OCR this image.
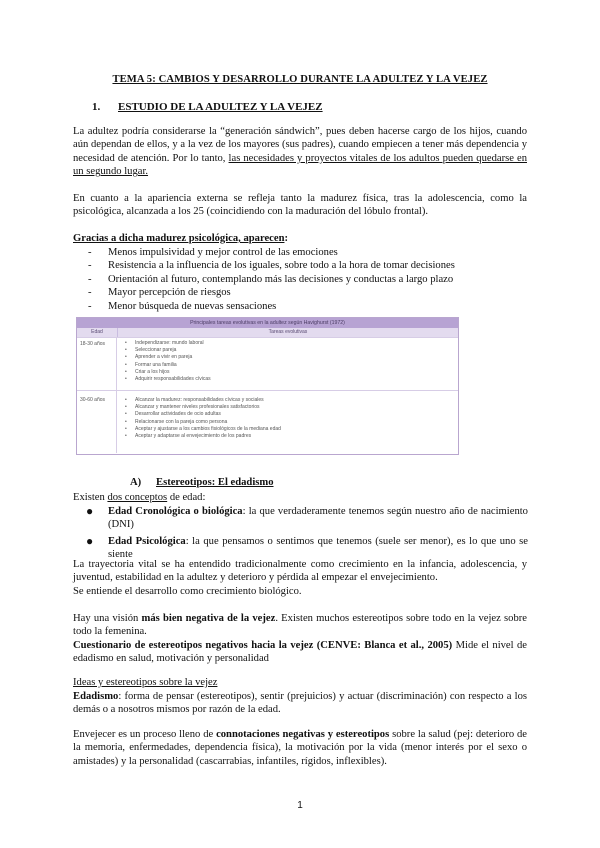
TEMA 5: CAMBIOS Y DESARROLLO DURANTE LA ADULTEZ Y LA VEJEZ
1. ESTUDIO DE LA ADULTEZ Y LA VEJEZ
La adultez podría considerarse la “generación sándwich”, pues deben hacerse cargo de los hijos, cuando aún dependan de ellos, y a la vez de los mayores (sus padres), cuando empiecen a tener más dependencia y necesidad de atención. Por lo tanto, las necesidades y proyectos vitales de los adultos pueden quedarse en un segundo lugar.
En cuanto a la apariencia externa se refleja tanto la madurez física, tras la adolescencia, como la psicológica, alcanzada a los 25 (coincidiendo con la maduración del lóbulo frontal).
Gracias a dicha madurez psicológica, aparecen:
-	Menos impulsividad y mejor control de las emociones
-	Resistencia a la influencia de los iguales, sobre todo a la hora de tomar decisiones
-	Orientación al futuro, contemplando más las decisiones y conductas a largo plazo
-	Mayor percepción de riesgos
-	Menor búsqueda de nuevas sensaciones
Principales tareas evolutivas en la adultez según Havighurst (1972)
Edad	Tareas evolutivas
18-30 años	• Independizarse: mundo laboral
• Seleccionar pareja
• Aprender a vivir en pareja
• Formar una familia
• Criar a los hijos
• Adquirir responsabilidades cívicas
30-60 años	• Alcanzar la madurez: responsabilidades cívicas y sociales
• Alcanzar y mantener niveles profesionales satisfactorios
• Desarrollar actividades de ocio adultas
• Relacionarse con la pareja como persona
• Aceptar y ajustarse a los cambios fisiológicos de la mediana edad
• Aceptar y adaptarse al envejecimiento de los padres
A) Estereotipos: El edadismo
Existen dos conceptos de edad:
●	Edad Cronológica o biológica: la que verdaderamente tenemos según nuestro año de nacimiento (DNI)
●	Edad Psicológica: la que pensamos o sentimos que tenemos (suele ser menor), es lo que uno se siente
La trayectoria vital se ha entendido tradicionalmente como crecimiento en la infancia, adolescencia, y juventud, estabilidad en la adultez y deterioro y pérdida al empezar el envejecimiento.
Se entiende el desarrollo como crecimiento biológico.
Hay una visión más bien negativa de la vejez. Existen muchos estereotipos sobre todo en la vejez sobre todo la femenina.
Cuestionario de estereotipos negativos hacia la vejez (CENVE: Blanca et al., 2005) Mide el nivel de edadismo en salud, motivación y personalidad
Ideas y estereotipos sobre la vejez
Edadismo: forma de pensar (estereotipos), sentir (prejuicios) y actuar (discriminación) con respecto a los demás o a nosotros mismos por razón de la edad.
Envejecer es un proceso lleno de connotaciones negativas y estereotipos sobre la salud (pej: deterioro de la memoria, enfermedades, dependencia física), la motivación por la vida (menor interés por el sexo o amistades) y la personalidad (cascarrabias, infantiles, rígidos, inflexibles).
1
